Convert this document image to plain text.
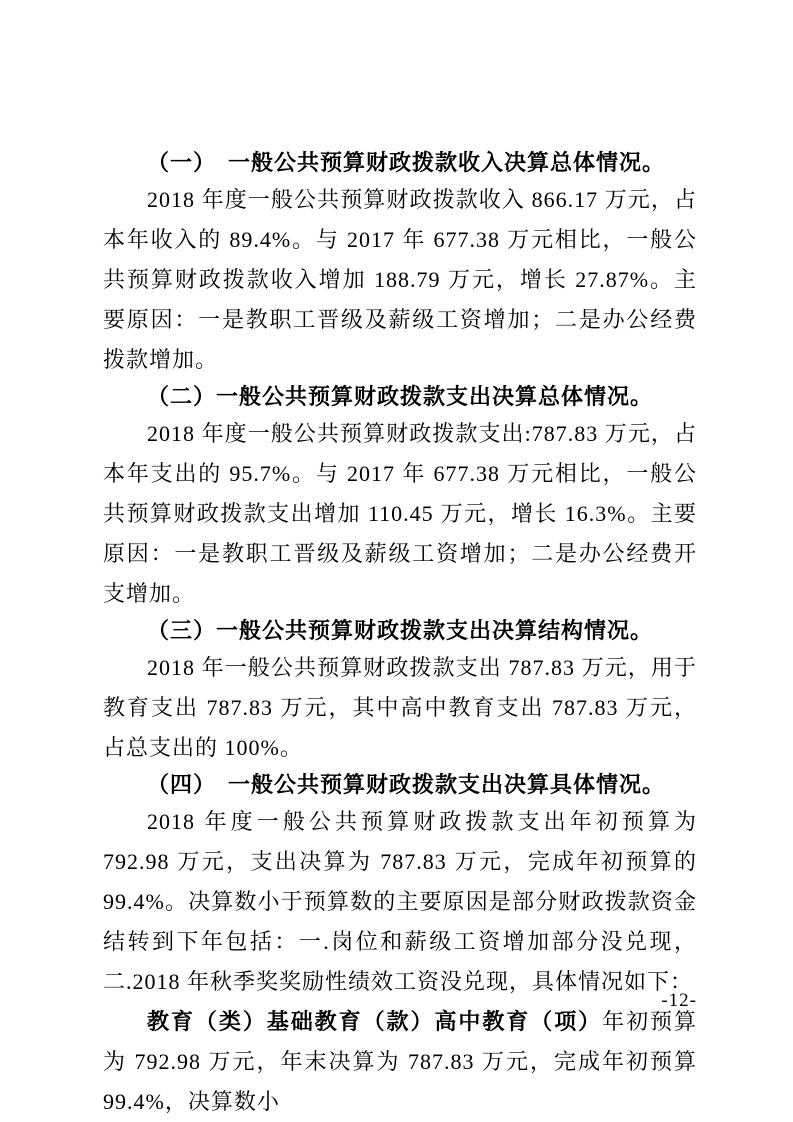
（一）　一般公共预算财政拨款收入决算总体情况。

2018 年度一般公共预算财政拨款收入 866.17 万元，占本年收入的 89.4%。与 2017 年 677.38 万元相比，一般公共预算财政拨款收入增加 188.79 万元，增长 27.87%。主要原因：一是教职工晋级及薪级工资增加；二是办公经费拨款增加。

（二）一般公共预算财政拨款支出决算总体情况。

2018 年度一般公共预算财政拨款支出:787.83 万元，占本年支出的 95.7%。与 2017 年 677.38 万元相比，一般公共预算财政拨款支出增加 110.45 万元，增长 16.3%。主要原因：一是教职工晋级及薪级工资增加；二是办公经费开支增加。

（三）一般公共预算财政拨款支出决算结构情况。

2018 年一般公共预算财政拨款支出 787.83 万元，用于教育支出 787.83 万元，其中高中教育支出 787.83 万元，占总支出的 100%。

（四）　一般公共预算财政拨款支出决算具体情况。

2018 年度一般公共预算财政拨款支出年初预算为 792.98 万元，支出决算为 787.83 万元，完成年初预算的 99.4%。决算数小于预算数的主要原因是部分财政拨款资金结转到下年包括：一.岗位和薪级工资增加部分没兑现，二.2018 年秋季奖奖励性绩效工资没兑现，具体情况如下：

教育（类）基础教育（款）高中教育（项）年初预算为 792.98 万元，年末决算为 787.83 万元，完成年初预算 99.4%，决算数小

-12-
